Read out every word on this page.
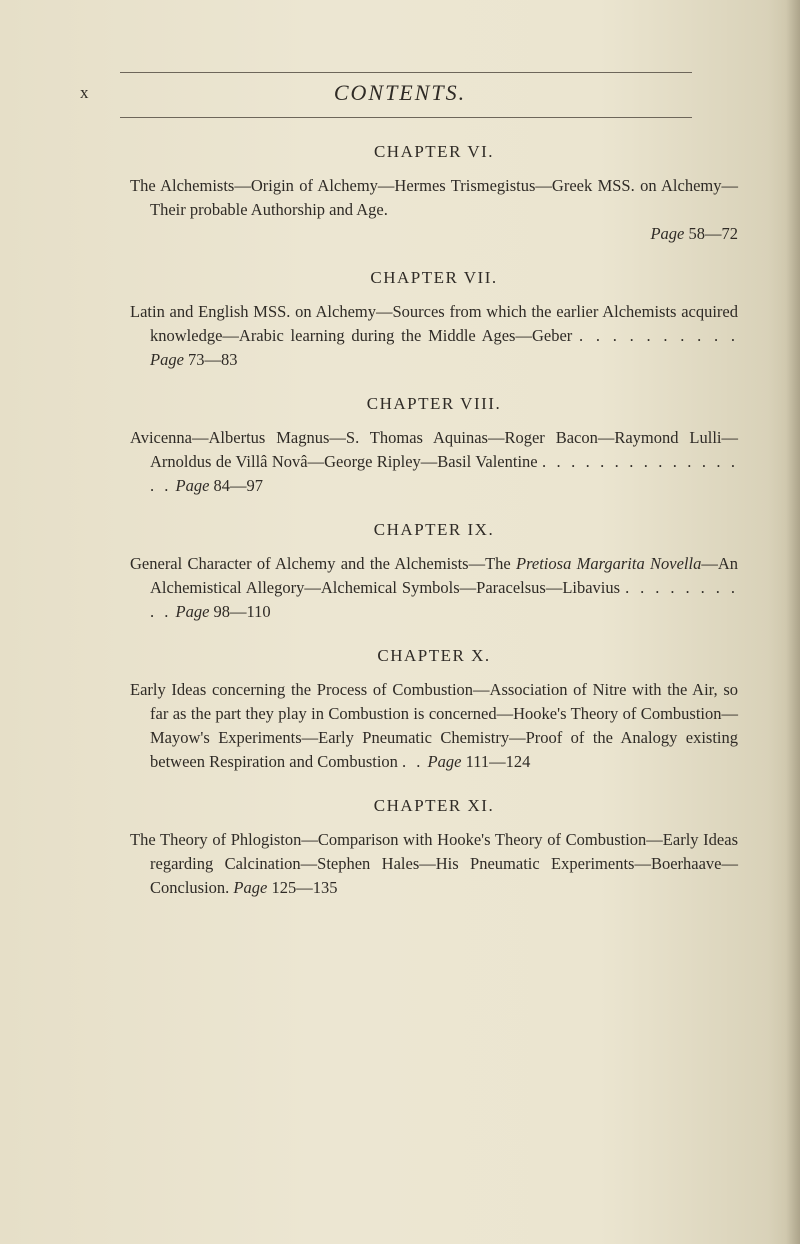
x	CONTENTS.
CHAPTER VI.

The Alchemists—Origin of Alchemy—Hermes Trismegistus—Greek MSS. on Alchemy—Their probable Authorship and Age.

Page 58—72
CHAPTER VII.

Latin and English MSS. on Alchemy—Sources from which the earlier Alchemists acquired knowledge—Arabic learning during the Middle Ages—Geber . . . . . . . . . . Page 73—83

CHAPTER VIII.

Avicenna—Albertus Magnus—S. Thomas Aquinas—Roger Bacon—Raymond Lulli—Arnoldus de Villâ Novâ—George Ripley—Basil Valentine . . . . . . . . . . . . . . . . Page 84—97

CHAPTER IX.

General Character of Alchemy and the Alchemists—The Pretiosa Margarita Novella—An Alchemistical Allegory—Alchemical Symbols—Paracelsus—Libavius . . . . . . . . . . Page 98—110

CHAPTER X.

Early Ideas concerning the Process of Combustion—Association of Nitre with the Air, so far as the part they play in Combustion is concerned—Hooke's Theory of Combustion—Mayow's Experiments—Early Pneumatic Chemistry—Proof of the Analogy existing between Respiration and Combustion . . Page 111—124

CHAPTER XI.

The Theory of Phlogiston—Comparison with Hooke's Theory of Combustion—Early Ideas regarding Calcination—Stephen Hales—His Pneumatic Experiments—Boerhaave—Conclusion. Page 125—135
